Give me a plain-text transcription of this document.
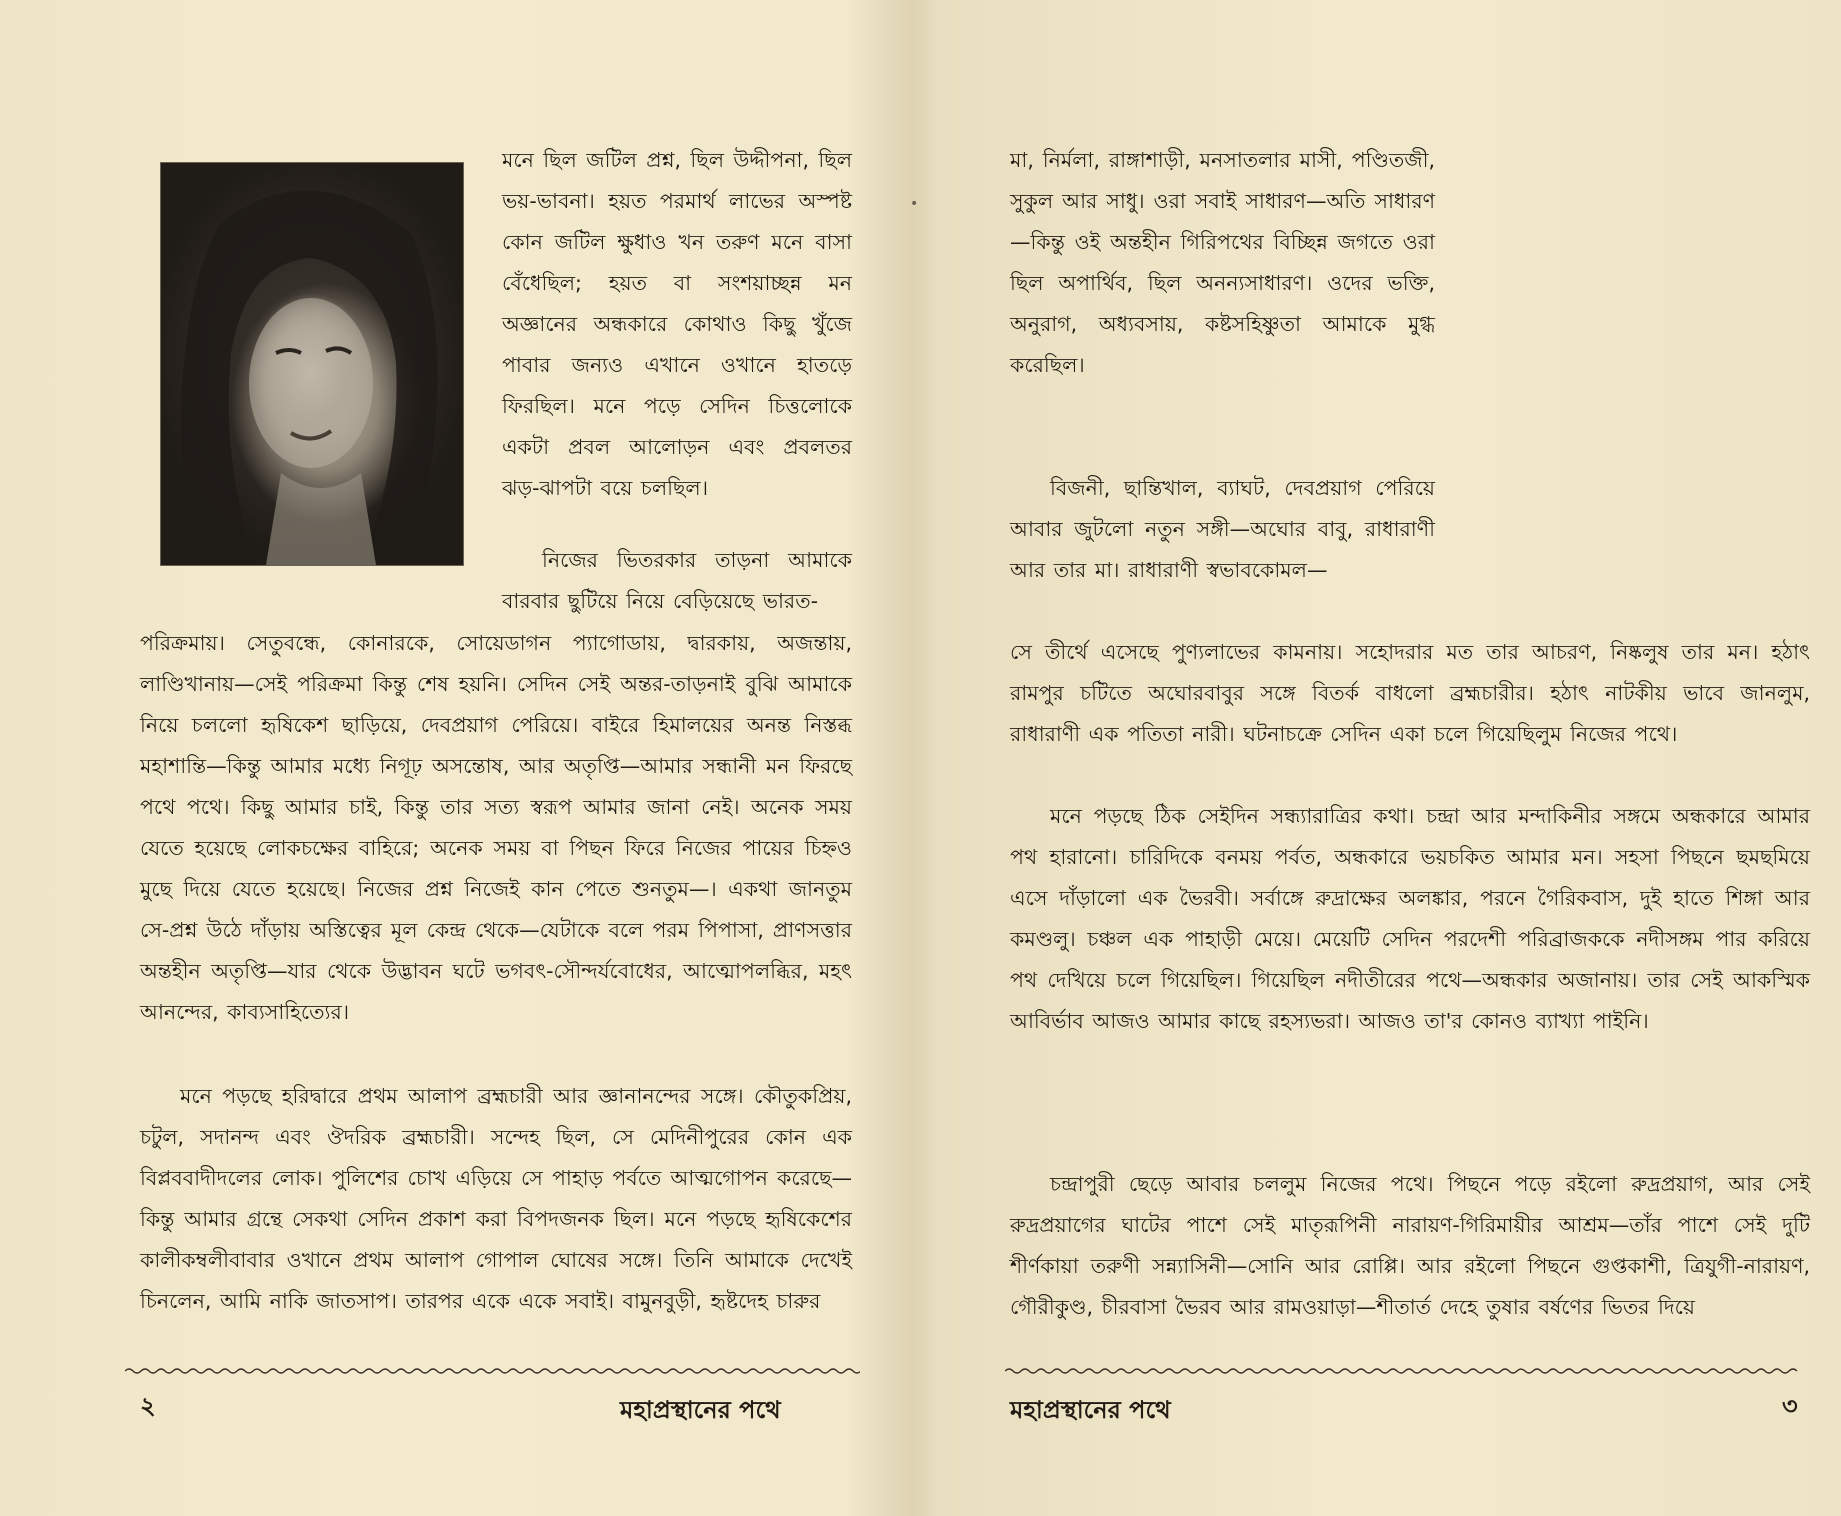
মনে ছিল জটিল প্রশ্ন, ছিল উদ্দীপনা, ছিল ভয়-ভাবনা। হয়ত পরমার্থ লাভের অস্পষ্ট কোন জটিল ক্ষুধাও খন তরুণ মনে বাসা বেঁধেছিল; হয়ত বা সংশয়াচ্ছন্ন মন অজ্ঞানের অন্ধকারে কোথাও কিছু খুঁজে পাবার জন্যও এখানে ওখানে হাতড়ে ফিরছিল। মনে পড়ে সেদিন চিত্তলোকে একটা প্রবল আলোড়ন এবং প্রবলতর ঝড়-ঝাপটা বয়ে চলছিল।
নিজের ভিতরকার তাড়না আমাকে বারবার ছুটিয়ে নিয়ে বেড়িয়েছে ভারত-
পরিক্রমায়। সেতুবন্ধে, কোনারকে, সোয়েডাগন প্যাগোডায়, দ্বারকায়, অজন্তায়, লাণ্ডিখানায়—সেই পরিক্রমা কিন্তু শেষ হয়নি। সেদিন সেই অন্তর-তাড়নাই বুঝি আমাকে নিয়ে চললো হৃষিকেশ ছাড়িয়ে, দেবপ্রয়াগ পেরিয়ে। বাইরে হিমালয়ের অনন্ত নিস্তব্ধ মহাশান্তি—কিন্তু আমার মধ্যে নিগূঢ় অসন্তোষ, আর অতৃপ্তি—আমার সন্ধানী মন ফিরছে পথে পথে। কিছু আমার চাই, কিন্তু তার সত্য স্বরূপ আমার জানা নেই। অনেক সময় যেতে হয়েছে লোকচক্ষের বাহিরে; অনেক সময় বা পিছন ফিরে নিজের পায়ের চিহ্নও মুছে দিয়ে যেতে হয়েছে। নিজের প্রশ্ন নিজেই কান পেতে শুনতুম—। একথা জানতুম সে-প্রশ্ন উঠে দাঁড়ায় অস্তিত্বের মূল কেন্দ্র থেকে—যেটাকে বলে পরম পিপাসা, প্রাণসত্তার অন্তহীন অতৃপ্তি—যার থেকে উদ্ভাবন ঘটে ভগবৎ-সৌন্দর্যবোধের, আত্মোপলব্ধির, মহৎ আনন্দের, কাব্যসাহিত্যের।
মনে পড়ছে হরিদ্বারে প্রথম আলাপ ব্রহ্মচারী আর জ্ঞানানন্দের সঙ্গে। কৌতুকপ্রিয়, চটুল, সদানন্দ এবং ঔদরিক ব্রহ্মচারী। সন্দেহ ছিল, সে মেদিনীপুরের কোন এক বিপ্লববাদীদলের লোক। পুলিশের চোখ এড়িয়ে সে পাহাড় পর্বতে আত্মগোপন করেছে—কিন্তু আমার গ্রন্থে সেকথা সেদিন প্রকাশ করা বিপদজনক ছিল। মনে পড়ছে হৃষিকেশের কালীকম্বলীবাবার ওখানে প্রথম আলাপ গোপাল ঘোষের সঙ্গে। তিনি আমাকে দেখেই চিনলেন, আমি নাকি জাতসাপ। তারপর একে একে সবাই। বামুনবুড়ী, হৃষ্টদেহ চারুর
২	মহাপ্রস্থানের পথে
•
মা, নির্মলা, রাঙ্গাশাড়ী, মনসাতলার মাসী, পণ্ডিতজী, সুকুল আর সাধু। ওরা সবাই সাধারণ—অতি সাধারণ—কিন্তু ওই অন্তহীন গিরিপথের বিচ্ছিন্ন জগতে ওরা ছিল অপার্থিব, ছিল অনন্যসাধারণ। ওদের ভক্তি, অনুরাগ, অধ্যবসায়, কষ্টসহিষ্ণুতা আমাকে মুগ্ধ করেছিল।
বিজনী, ছান্তিখাল, ব্যাঘট, দেবপ্রয়াগ পেরিয়ে আবার জুটলো নতুন সঙ্গী—অঘোর বাবু, রাধারাণী আর তার মা। রাধারাণী স্বভাবকোমল—
সে তীর্থে এসেছে পুণ্যলাভের কামনায়। সহোদরার মত তার আচরণ, নিষ্কলুষ তার মন। হঠাৎ রামপুর চটিতে অঘোরবাবুর সঙ্গে বিতর্ক বাধলো ব্রহ্মচারীর। হঠাৎ নাটকীয় ভাবে জানলুম, রাধারাণী এক পতিতা নারী। ঘটনাচক্রে সেদিন একা চলে গিয়েছিলুম নিজের পথে।
মনে পড়ছে ঠিক সেইদিন সন্ধ্যারাত্রির কথা। চন্দ্রা আর মন্দাকিনীর সঙ্গমে অন্ধকারে আমার পথ হারানো। চারিদিকে বনময় পর্বত, অন্ধকারে ভয়চকিত আমার মন। সহসা পিছনে ছমছমিয়ে এসে দাঁড়ালো এক ভৈরবী। সর্বাঙ্গে রুদ্রাক্ষের অলঙ্কার, পরনে গৈরিকবাস, দুই হাতে শিঙ্গা আর কমণ্ডলু। চঞ্চল এক পাহাড়ী মেয়ে। মেয়েটি সেদিন পরদেশী পরিব্রাজককে নদীসঙ্গম পার করিয়ে পথ দেখিয়ে চলে গিয়েছিল। গিয়েছিল নদীতীরের পথে—অন্ধকার অজানায়। তার সেই আকস্মিক আবির্ভাব আজও আমার কাছে রহস্যভরা। আজও তা'র কোনও ব্যাখ্যা পাইনি।
চন্দ্রাপুরী ছেড়ে আবার চললুম নিজের পথে। পিছনে পড়ে রইলো রুদ্রপ্রয়াগ, আর সেই রুদ্রপ্রয়াগের ঘাটের পাশে সেই মাতৃরূপিনী নারায়ণ-গিরিমায়ীর আশ্রম—তাঁর পাশে সেই দুটি শীর্ণকায়া তরুণী সন্ন্যাসিনী—সোনি আর রোপ্পি। আর রইলো পিছনে গুপ্তকাশী, ত্রিযুগী-নারায়ণ, গৌরীকুণ্ড, চীরবাসা ভৈরব আর রামওয়াড়া—শীতার্ত দেহে তুষার বর্ষণের ভিতর দিয়ে
মহাপ্রস্থানের পথে	৩
